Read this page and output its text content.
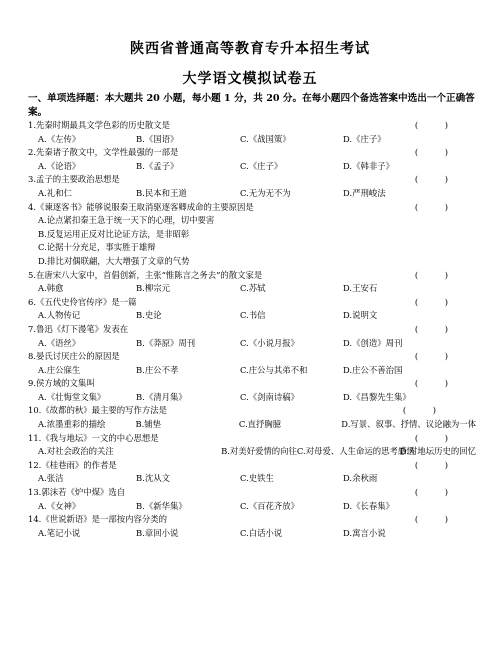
陕西省普通高等教育专升本招生考试
大学语文模拟试卷五
一、单项选择题：本大题共 20 小题，每小题 1 分，共 20 分。在每小题四个备选答案中选出一个正确答案。
1.先秦时期最具文学色彩的历史散文是	(          )
A.《左传》	B.《国语》	C.《战国策》	D.《庄子》
2.先秦诸子散文中，文学性最强的一部是	(          )
A.《论语》	B.《孟子》	C.《庄子》	D.《韩非子》
3.孟子的主要政治思想是	(          )
A.礼和仁	B.民本和王道	C.无为无不为	D.严刑峻法
4.《谏逐客书》能够说服秦王取消驱逐客卿成命的主要原因是	(          )
A.论点紧扣秦王急于统一天下的心理，切中要害
B.反复运用正反对比论证方法，是非昭彰
C.论据十分充足，事实胜于雄辩
D.排比对偶联翩，大大增强了文章的气势
5.在唐宋八大家中，首倡创新，主张“惟陈言之务去”的散文家是	(          )
A.韩愈	B.柳宗元	C.苏轼	D.王安石
6.《五代史伶官传序》是一篇	(          )
A.人物传记	B.史论	C.书信	D.说明文
7.鲁迅《灯下漫笔》发表在	(          )
A.《语丝》	B.《莽原》周刊	C.《小说月报》	D.《创造》周刊
8.晏氏讨厌庄公的原因是	(          )
A.庄公寐生	B.庄公不孝	C.庄公与其弟不和	D.庄公不善治国
9.侯方域的文集叫	(          )
A.《壮悔堂文集》	B.《清月集》	C.《剑南诗稿》	D.《昌黎先生集》
10.《故都的秋》最主要的写作方法是	(          )
A.浓墨重彩的描绘	B.铺垫	C.直抒胸臆	D.写景、叙事、抒情、议论融为一体
11.《我与地坛》一文的中心思想是	(          )
A.对社会政治的关注	B.对美好爱情的向往 C.对母爱、人生命运的思考感悟
D.对地坛历史的回忆
12.《桂巷雨》的作者是	(          )
A.张洁	B.沈从文	C.史铁生	D.余秋雨
13.郭沫若《炉中煤》选自	(          )
A.《女神》	B.《新华集》	C.《百花齐放》	D.《长春集》
14.《世说新语》是一部按内容分类的	(          )
A.笔记小说	B.章回小说	C.白话小说	D.寓言小说
